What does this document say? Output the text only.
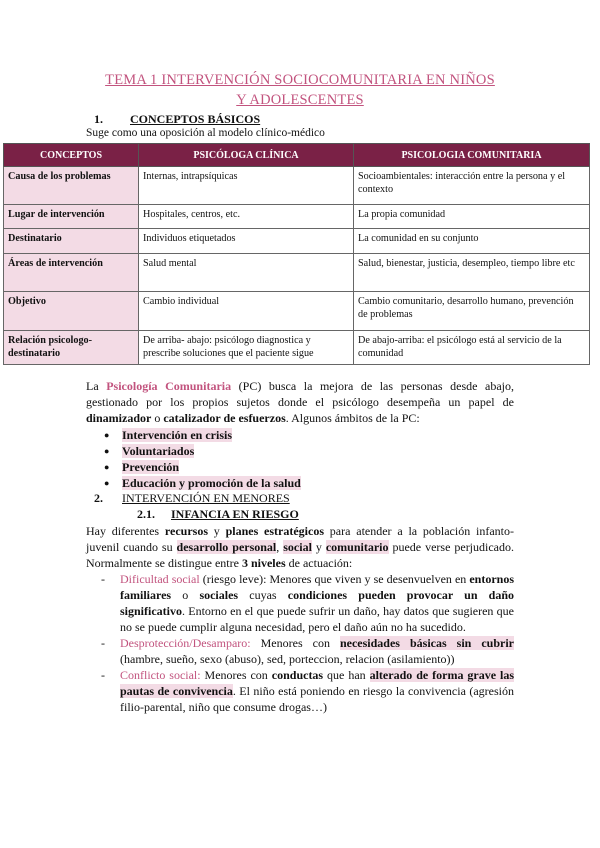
TEMA 1 INTERVENCIÓN SOCIOCOMUNITARIA EN NIÑOS
Y ADOLESCENTES
1. CONCEPTOS BÁSICOS
Suge como una oposición al modelo clínico-médico
CONCEPTOS	PSICÓLOGA CLÍNICA	PSICOLOGIA COMUNITARIA
Causa de los problemas	Internas, intrapsíquicas	Socioambientales: interacción entre la persona y el contexto
Lugar de intervención	Hospitales, centros, etc.	La propia comunidad
Destinatario	Individuos etiquetados	La comunidad en su conjunto
Áreas de intervención	Salud mental	Salud, bienestar, justicia, desempleo, tiempo libre etc
Objetivo	Cambio individual	Cambio comunitario, desarrollo humano, prevención de problemas
Relación psicologo-destinatario	De arriba- abajo: psicólogo diagnostica y prescribe soluciones que el paciente sigue	De abajo-arriba: el psicólogo está al servicio de la comunidad

La Psicología Comunitaria (PC) busca la mejora de las personas desde abajo, gestionado por los propios sujetos donde el psicólogo desempeña un papel de dinamizador o catalizador de esfuerzos. Algunos ámbitos de la PC:

● Intervención en crisis
● Voluntariados
● Prevención
● Educación y promoción de la salud
2. INTERVENCIÓN EN MENORES
2.1. INFANCIA EN RIESGO

Hay diferentes recursos y planes estratégicos para atender a la población infanto-juvenil cuando su desarrollo personal, social y comunitario puede verse perjudicado. Normalmente se distingue entre 3 niveles de actuación:

- Dificultad social (riesgo leve): Menores que viven y se desenvuelven en entornos familiares o sociales cuyas condiciones pueden provocar un daño significativo. Entorno en el que puede sufrir un daño, hay datos que sugieren que no se puede cumplir alguna necesidad, pero el daño aún no ha sucedido.
- Desprotección/Desamparo: Menores con necesidades básicas sin cubrir (hambre, sueño, sexo (abuso), sed, porteccion, relacion (asilamiento))
- Conflicto social: Menores con conductas que han alterado de forma grave las pautas de convivencia. El niño está poniendo en riesgo la convivencia (agresión filio-parental, niño que consume drogas…)
